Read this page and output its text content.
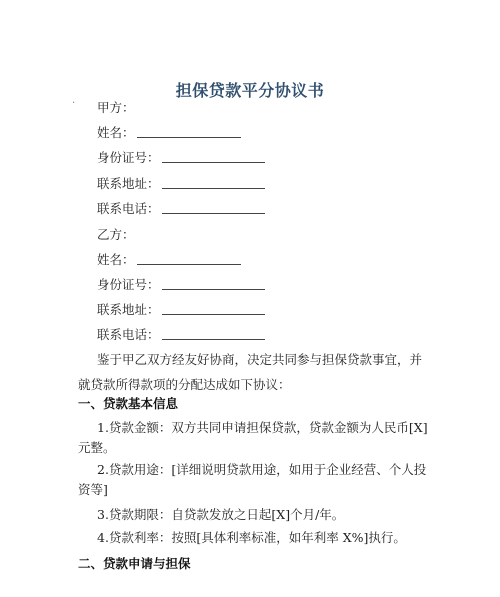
担保贷款平分协议书
· 甲方：
姓名：
身份证号：
联系地址：
联系电话：
乙方：
姓名：
身份证号：
联系地址：
联系电话：
鉴于甲乙双方经友好协商，决定共同参与担保贷款事宜，并就贷款所得款项的分配达成如下协议：
一、贷款基本信息
1.贷款金额：双方共同申请担保贷款，贷款金额为人民币[X]元整。
2.贷款用途：[详细说明贷款用途，如用于企业经营、个人投资等]
3.贷款期限：自贷款发放之日起[X]个月/年。
4.贷款利率：按照[具体利率标准，如年利率 X%]执行。
二、贷款申请与担保
